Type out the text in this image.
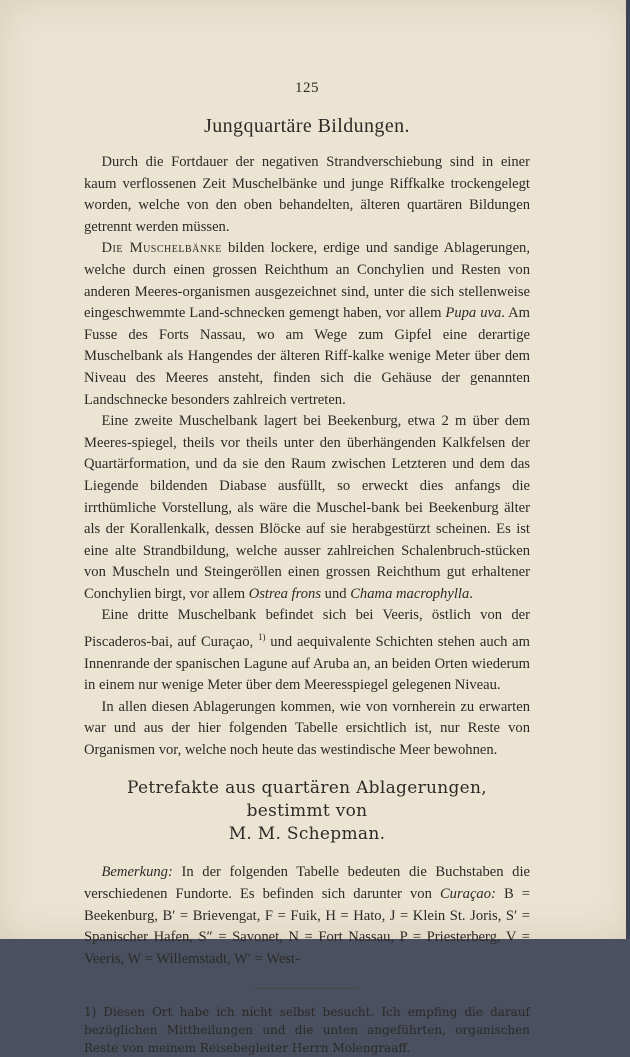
125
Jungquartäre Bildungen.

Durch die Fortdauer der negativen Strandverschiebung sind in einer kaum verflossenen Zeit Muschelbänke und junge Riffkalke trockengelegt worden, welche von den oben behandelten, älteren quartären Bildungen getrennt werden müssen.

Die Muschelbänke bilden lockere, erdige und sandige Ablagerungen, welche durch einen grossen Reichthum an Conchylien und Resten von anderen Meeres-organismen ausgezeichnet sind, unter die sich stellenweise eingeschwemmte Land-schnecken gemengt haben, vor allem Pupa uva. Am Fusse des Forts Nassau, wo am Wege zum Gipfel eine derartige Muschelbank als Hangendes der älteren Riff-kalke wenige Meter über dem Niveau des Meeres ansteht, finden sich die Gehäuse der genannten Landschnecke besonders zahlreich vertreten.

Eine zweite Muschelbank lagert bei Beekenburg, etwa 2 m über dem Meeres-spiegel, theils vor theils unter den überhängenden Kalkfelsen der Quartärformation, und da sie den Raum zwischen Letzteren und dem das Liegende bildenden Diabase ausfüllt, so erweckt dies anfangs die irrthümliche Vorstellung, als wäre die Muschel-bank bei Beekenburg älter als der Korallenkalk, dessen Blöcke auf sie herabgestürzt scheinen. Es ist eine alte Strandbildung, welche ausser zahlreichen Schalenbruch-stücken von Muscheln und Steingeröllen einen grossen Reichthum gut erhaltener Conchylien birgt, vor allem Ostrea frons und Chama macrophylla.

Eine dritte Muschelbank befindet sich bei Veeris, östlich von der Piscaderos-bai, auf Curaçao, $^{1)}$ und aequivalente Schichten stehen auch am Innenrande der spanischen Lagune auf Aruba an, an beiden Orten wiederum in einem nur wenige Meter über dem Meeresspiegel gelegenen Niveau.

In allen diesen Ablagerungen kommen, wie von vornherein zu erwarten war und aus der hier folgenden Tabelle ersichtlich ist, nur Reste von Organismen vor, welche noch heute das westindische Meer bewohnen.

Petrefakte aus quartären Ablagerungen, bestimmt von
M. M. Schepman.

Bemerkung: In der folgenden Tabelle bedeuten die Buchstaben die verschiedenen Fundorte. Es befinden sich darunter von Curaçao: B = Beekenburg, B′ = Brievengat, F = Fuik, H = Hato, J = Klein St. Joris, S′ = Spanischer Hafen, S″ = Savonet, N = Fort Nassau, P = Priesterberg, V = Veeris, W = Willemstadt, W′ = West-

1) Diesen Ort habe ich nicht selbst besucht. Ich empfing die darauf bezüglichen Mittheilungen und die unten angeführten, organischen Reste von meinem Reisebegleiter Herrn Molengraaff.
